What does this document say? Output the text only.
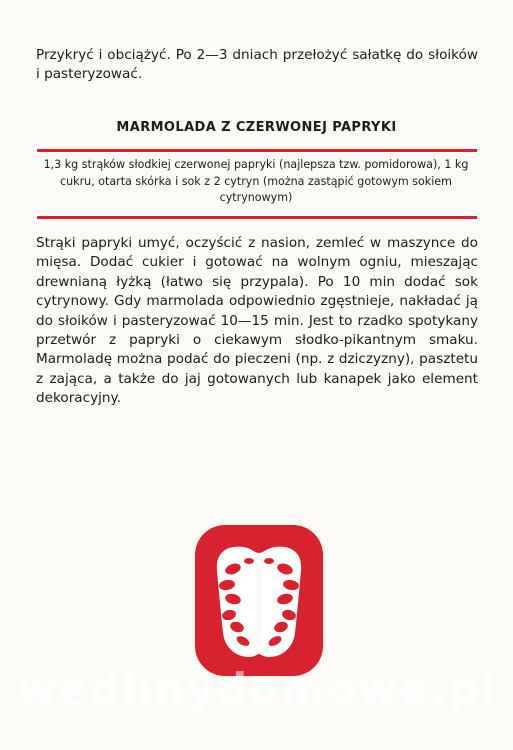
Przykryć i obciążyć. Po 2—3 dniach przełożyć sałatkę do słoików i pasteryzować.

MARMOLADA Z CZERWONEJ PAPRYKI

1,3 kg strąków słodkiej czerwonej papryki (najlepsza tzw. pomidorowa), 1 kg cukru, otarta skórka i sok z 2 cytryn (można zastąpić gotowym sokiem cytrynowym)

Strąki papryki umyć, oczyścić z nasion, zemleć w maszynce do mięsa. Dodać cukier i gotować na wolnym ogniu, mieszając drewnianą łyżką (łatwo się przypala). Po 10 min dodać sok cytrynowy. Gdy marmolada odpowiednio zgęstnieje, nakładać ją do słoików i pasteryzować 10—15 min. Jest to rzadko spotykany przetwór z papryki o ciekawym słodko-pikantnym smaku. Marmoladę można podać do pieczeni (np. z dziczyzny), pasztetu z zająca, a także do jaj gotowanych lub kanapek jako element dekoracyjny.

wedlinydomowe.pl
